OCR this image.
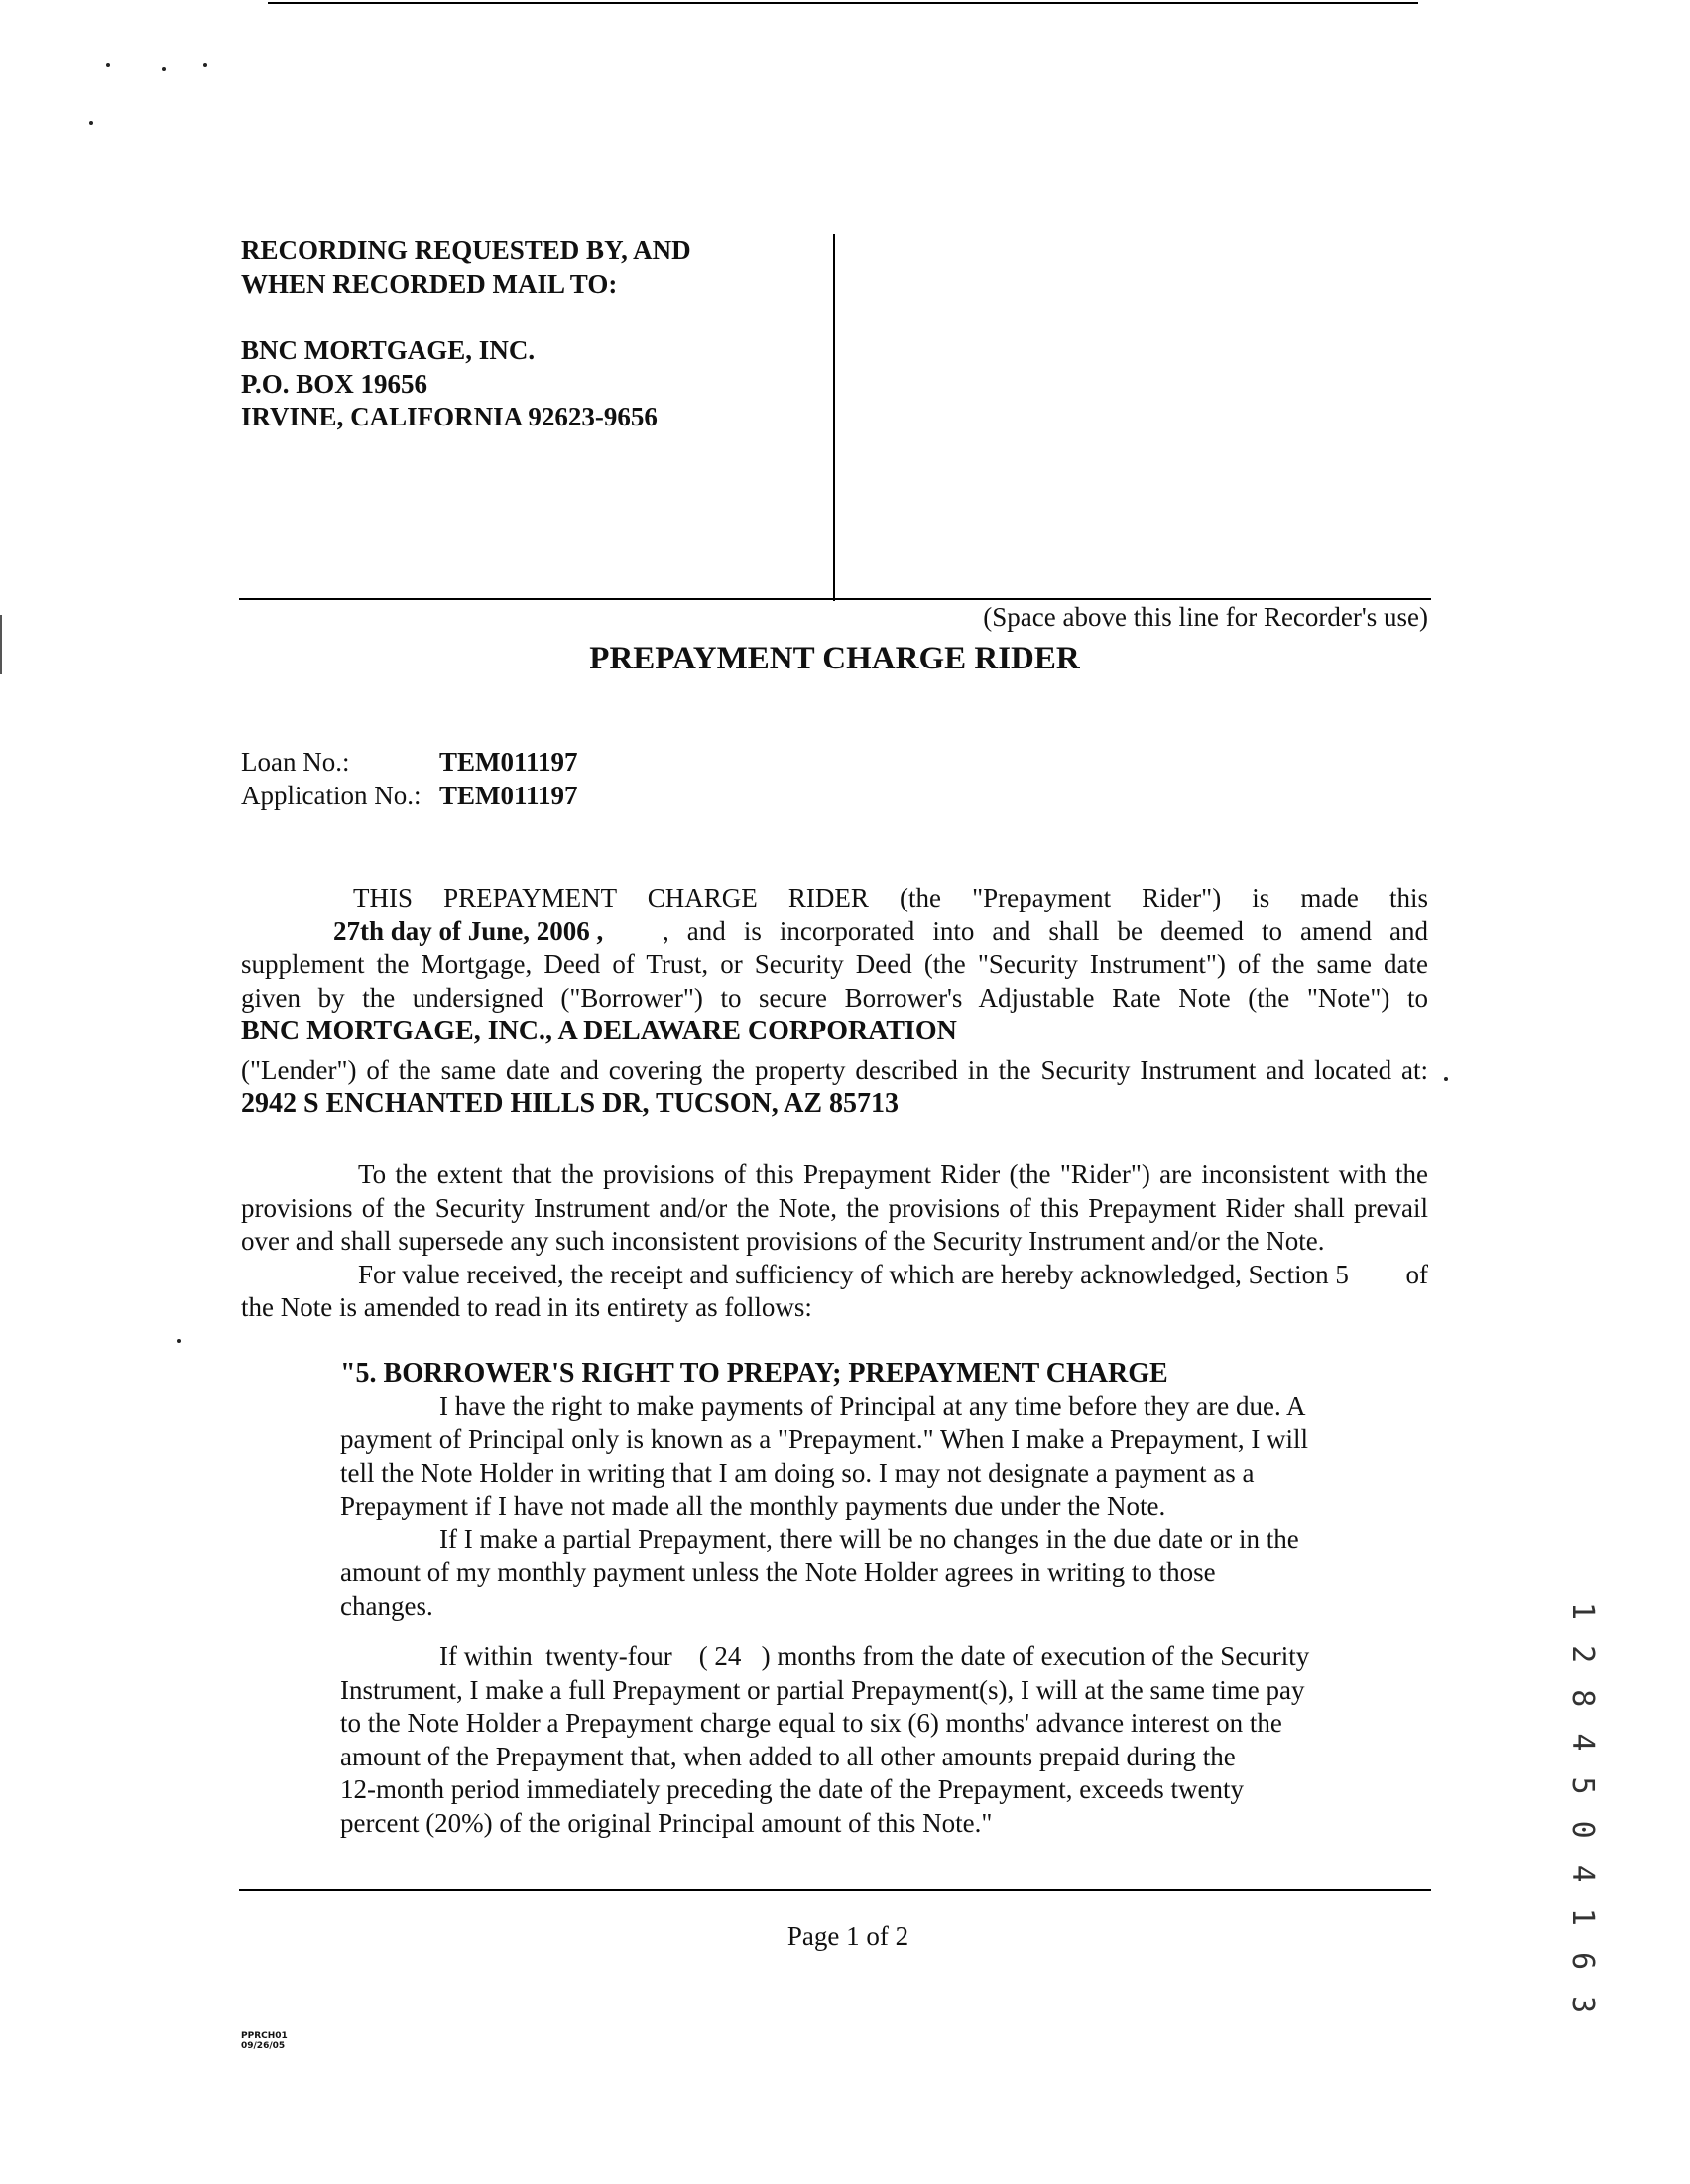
RECORDING REQUESTED BY, AND
WHEN RECORDED MAIL TO:
BNC MORTGAGE, INC.
P.O. BOX 19656
IRVINE, CALIFORNIA 92623-9656
(Space above this line for Recorder's use)
PREPAYMENT CHARGE RIDER
Loan No.:	TEM011197
Application No.: TEM011197
THIS PREPAYMENT CHARGE RIDER (the "Prepayment Rider") is made this
27th day of June, 2006 , , and is incorporated into and shall be deemed to amend and
supplement the Mortgage, Deed of Trust, or Security Deed (the "Security Instrument") of the same date
given by the undersigned ("Borrower") to secure Borrower's Adjustable Rate Note (the "Note") to
BNC MORTGAGE, INC., A DELAWARE CORPORATION
("Lender") of the same date and covering the property described in the Security Instrument and located at:
2942 S ENCHANTED HILLS DR, TUCSON, AZ 85713
To the extent that the provisions of this Prepayment Rider (the "Rider") are inconsistent with the
provisions of the Security Instrument and/or the Note, the provisions of this Prepayment Rider shall prevail
over and shall supersede any such inconsistent provisions of the Security Instrument and/or the Note.
For value received, the receipt and sufficiency of which are hereby acknowledged, Section 5 of
the Note is amended to read in its entirety as follows:
"5. BORROWER'S RIGHT TO PREPAY; PREPAYMENT CHARGE
I have the right to make payments of Principal at any time before they are due. A
payment of Principal only is known as a "Prepayment." When I make a Prepayment, I will
tell the Note Holder in writing that I am doing so. I may not designate a payment as a
Prepayment if I have not made all the monthly payments due under the Note.
If I make a partial Prepayment, there will be no changes in the due date or in the
amount of my monthly payment unless the Note Holder agrees in writing to those
changes.
If within  twenty-four    ( 24   ) months from the date of execution of the Security
Instrument, I make a full Prepayment or partial Prepayment(s), I will at the same time pay
to the Note Holder a Prepayment charge equal to six (6) months' advance interest on the
amount of the Prepayment that, when added to all other amounts prepaid during the
12-month period immediately preceding the date of the Prepayment, exceeds twenty
percent (20%) of the original Principal amount of this Note."
Page 1 of 2
PPRCH01
09/26/05
1 2 8 4 5 0 4 1 6 3
